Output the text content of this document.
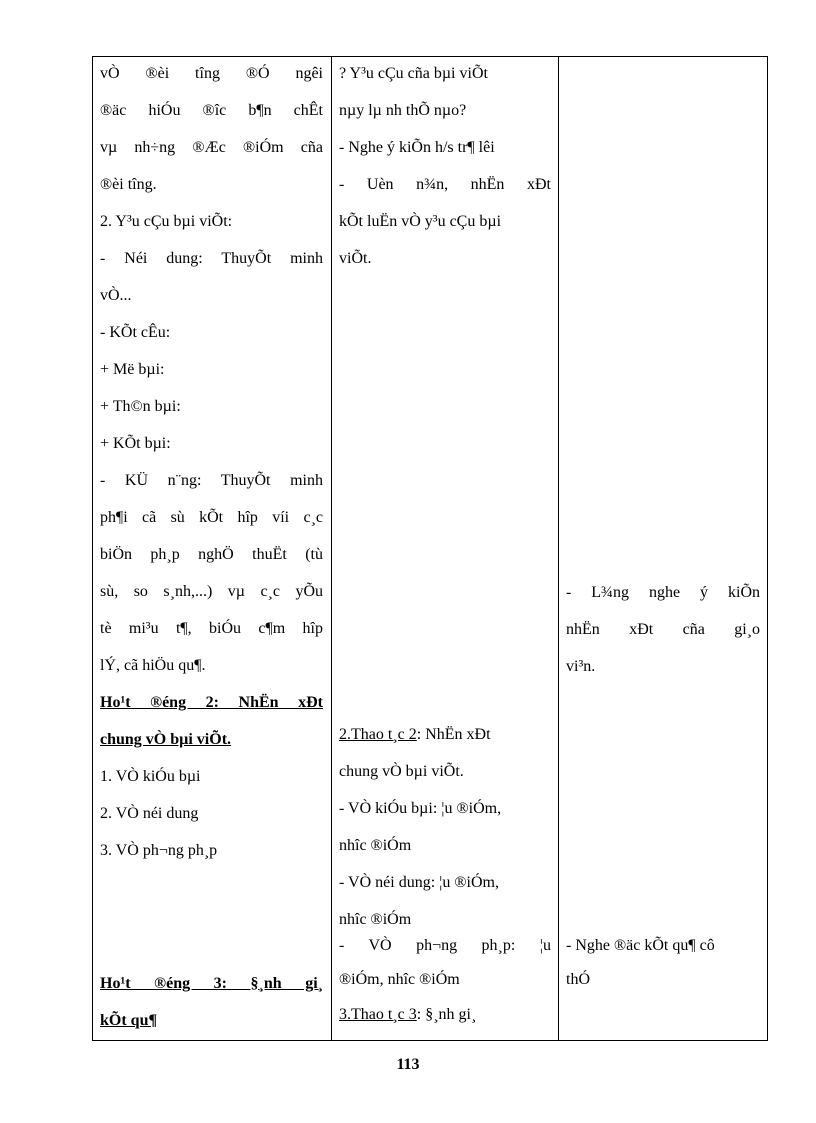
vÒ ®èi tîng ®Ó ngêi
®äc hiÓu ®îc b¶n chÊt
vµ nh÷ng ®Æc ®iÓm cña
®èi tîng.
2. Y³u cÇu bµi viÕt:
- Néi dung: ThuyÕt minh
vÒ...
- KÕt cÊu:
+ Më bµi:
+ Th©n bµi:
+ KÕt bµi:
- KÜ n¨ng: ThuyÕt minh
ph¶i cã sù kÕt hîp víi c¸c
biÖn ph¸p nghÖ thuËt (tù
sù, so s¸nh,...) vµ c¸c yÕu
tè mi³u t¶, biÓu c¶m hîp
lÝ, cã hiÖu qu¶.
Ho¹t ®éng 2: NhËn xÐt
chung vÒ bµi viÕt.
1. VÒ kiÓu bµi
2. VÒ néi dung
3. VÒ ph¬ng ph¸p
Ho¹t ®éng 3: §¸nh gi¸
kÕt qu¶
? Y³u cÇu cña bµi viÕt
nµy lµ nh thÕ nµo?
- Nghe ý kiÕn h/s tr¶ lêi
- Uèn n¾n, nhËn xÐt
kÕt luËn vÒ y³u cÇu bµi
viÕt.
2.Thao t¸c 2: NhËn xÐt
chung vÒ bµi viÕt.
- VÒ kiÓu bµi: ¦u ®iÓm,
nhîc ®iÓm
- VÒ néi dung: ¦u ®iÓm,
nhîc ®iÓm
- VÒ ph¬ng ph¸p: ¦u
®iÓm, nhîc ®iÓm
3.Thao t¸c 3: §¸nh gi¸
- L¾ng nghe ý kiÕn
nhËn xÐt cña gi¸o
vi³n.
- Nghe ®äc kÕt qu¶ cô
thÓ
113
